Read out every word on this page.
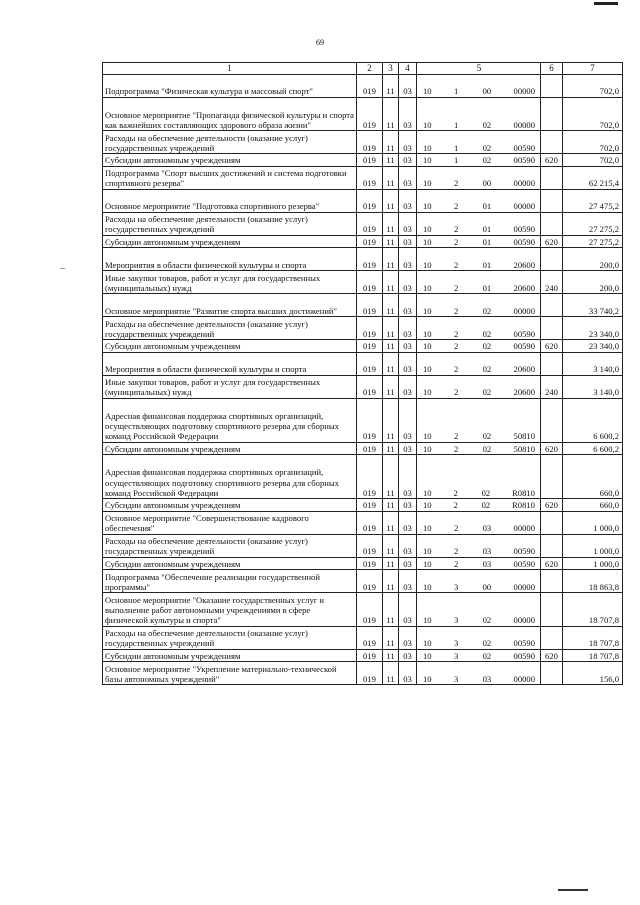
69
1	2	3	4	5	6	7
Подпрограмма "Физическая культура и массовый спорт"	019	11	03	10 1 00 00000		702,0
Основное мероприятие "Пропаганда физической культуры и спорта как важнейших составляющих здорового образа жизни"	019	11	03	10 1 02 00000		702,0
Расходы на обеспечение деятельности (оказание услуг) государственных учреждений	019	11	03	10 1 02 00590		702,0
Субсидии автономным учреждениям	019	11	03	10 1 02 00590	620	702,0
Подпрограмма "Спорт высших достижений и система подготовки спортивного резерва"	019	11	03	10 2 00 00000		62 215,4
Основное мероприятие "Подготовка спортивного резерва"	019	11	03	10 2 01 00000		27 475,2
Расходы на обеспечение деятельности (оказание услуг) государственных учреждений	019	11	03	10 2 01 00590		27 275,2
Субсидии автономным учреждениям	019	11	03	10 2 01 00590	620	27 275,2
Мероприятия в области физической культуры и спорта	019	11	03	10 2 01 20600		200,0
Иные закупки товаров, работ и услуг для государственных (муниципальных) нужд	019	11	03	10 2 01 20600	240	200,0
Основное мероприятие "Развитие спорта высших достижений"	019	11	03	10 2 02 00000		33 740,2
Расходы на обеспечение деятельности (оказание услуг) государственных учреждений	019	11	03	10 2 02 00590		23 340,0
Субсидии автономным учреждениям	019	11	03	10 2 02 00590	620	23 340,0
Мероприятия в области физической культуры и спорта	019	11	03	10 2 02 20600		3 140,0
Иные закупки товаров, работ и услуг для государственных (муниципальных) нужд	019	11	03	10 2 02 20600	240	3 140,0
Адресная финансовая поддержка спортивных организаций, осуществляющих подготовку спортивного резерва для сборных команд Российской Федерации	019	11	03	10 2 02 50810		6 600,2
Субсидии автономным учреждениям	019	11	03	10 2 02 50810	620	6 600,2
Адресная финансовая поддержка спортивных организаций, осуществляющих подготовку спортивного резерва для сборных команд Российской Федерации	019	11	03	10 2 02 R0810		660,0
Субсидии автономным учреждениям	019	11	03	10 2 02 R0810	620	660,0
Основное мероприятие "Совершенствование кадрового обеспечения"	019	11	03	10 2 03 00000		1 000,0
Расходы на обеспечение деятельности (оказание услуг) государственных учреждений	019	11	03	10 2 03 00590		1 000,0
Субсидии автономным учреждениям	019	11	03	10 2 03 00590	620	1 000,0
Подпрограмма "Обеспечение реализации государственной программы"	019	11	03	10 3 00 00000		18 863,8
Основное мероприятие "Оказание государственных услуг и выполнение работ автономными учреждениями в сфере физической культуры и спорта"	019	11	03	10 3 02 00000		18 707,8
Расходы на обеспечение деятельности (оказание услуг) государственных учреждений	019	11	03	10 3 02 00590		18 707,8
Субсидии автономным учреждениям	019	11	03	10 3 02 00590	620	18 707,8
Основное мероприятие "Укрепление материально-технической базы автономных учреждений"	019	11	03	10 3 03 00000		156,0
